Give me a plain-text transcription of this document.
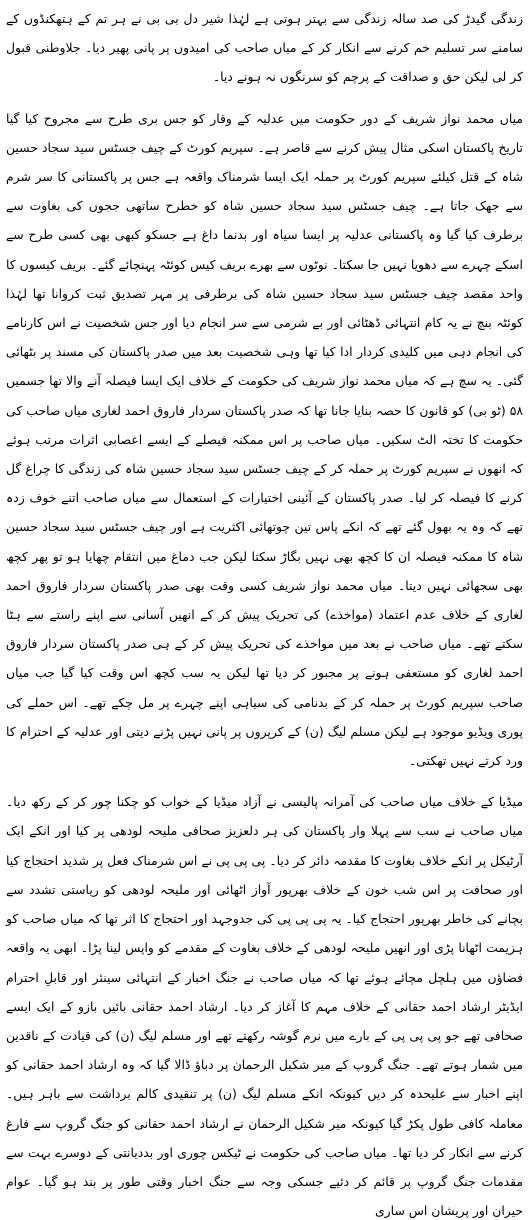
زندگی گیدڑ کی صد سالہ زندگی سے بہتر ہوتی ہے لہٰذا شیر دل بی بی نے ہر تم کے ہتھکنڈوں کے سامنے سر تسلیم خم کرنے سے انکار کر کے میاں صاحب کی امیدوں پر پانی پھیر دیا۔ جلاوطنی قبول کر لی لیکن حق و صداقت کے پرچم کو سرنگوں نہ ہونے دیا۔

میاں محمد نواز شریف کے دور حکومت میں عدلیہ کے وقار کو جس بری طرح سے مجروح کیا گیا تاریخ پاکستان اسکی مثال پیش کرنے سے قاصر ہے۔ سپریم کورٹ کے چیف جسٹس سید سجاد حسین شاہ کے قتل کیلئے سپریم کورٹ پر حملہ ایک ایسا شرمناک واقعہ ہے جس پر پاکستانی کا سر شرم سے جھک جاتا ہے۔ چیف جسٹس سید سجاد حسین شاہ کو خطرح ساتھی ججوں کی بغاوت سے برطرف کیا گیا وہ پاکستانی عدلیہ پر ایسا سیاہ اور بدنما داغ ہے جسکو کبھی بھی کسی طرح سے اسکے چہرے سے دھویا نہیں جا سکتا۔ نوٹوں سے بھرے بریف کیس کوئٹہ پہنچائے گئے۔ بریف کیسوں کا واحد مقصد چیف جسٹس سید سجاد حسین شاہ کی برطرفی پر مہر تصدیق ثبت کروانا تھا لہٰذا کوئٹہ بنچ نے یہ کام انتہائی ڈھٹائی اور بے شرمی سے سر انجام دیا اور جس شخصیت نے اس کارنامے کی انجام دہی میں کلیدی کردار ادا کیا تھا وہی شخصیت بعد میں صدر پاکستان کی مسند پر بٹھائی گئی۔ یہ سچ ہے کہ میاں محمد نواز شریف کی حکومت کے خلاف ایک ایسا فیصلہ آنے والا تھا جسمیں ۵۸ (ٹو بی) کو قانون کا حصہ بنایا جانا تھا کہ صدر پاکستان سردار فاروق احمد لغاری میاں صاحب کی حکومت کا تختہ الٹ سکیں۔ میاں صاحب پر اس ممکنہ فیصلے کے ایسے اعصابی اثرات مرتب ہوئے کہ انھوں نے سپریم کورٹ پر حملہ کر کے چیف جسٹس سید سجاد حسین شاہ کی زندگی کا چراغ گل کرنے کا فیصلہ کر لیا۔ صدر پاکستان کے آئینی اختیارات کے استعمال سے میاں صاحب اتنے خوف زدہ تھے کہ وہ یہ بھول گئے تھے کہ انکے پاس تین چوتھائی اکثریت ہے اور چیف جسٹس سید سجاد حسین شاہ کا ممکنہ فیصلہ ان کا کچھ بھی نہیں بگاڑ سکتا لیکن جب دماغ میں انتقام چھایا ہو تو پھر کچھ بھی سجھائی نہیں دیتا۔ میاں محمد نواز شریف کسی وقت بھی صدر پاکستان سردار فاروق احمد لغاری کے خلاف عدم اعتماد (مواخذے) کی تحریک پیش کر کے انھیں آسانی سے اپنے راستے سے ہٹا سکتے تھے۔ میاں صاحب نے بعد میں مواخذے کی تحریک پیش کر کے ہی صدر پاکستان سردار فاروق احمد لغاری کو مستعفی ہونے پر مجبور کر دیا تھا لیکن یہ سب کچھ اس وقت کیا گیا جب میاں صاحب سپریم کورٹ پر حملہ کر کے بدنامی کی سیاہی اپنے چہرے پر مل چکے تھے۔ اس حملے کی پوری ویڈیو موجود ہے لیکن مسلم لیگ (ن) کے کرپروں پر پانی نہیں پڑنے دیتی اور عدلیہ کے احترام کا ورد کرتے نہیں تھکتی۔

میڈیا کے خلاف میاں صاحب کی آمرانہ پالیسی نے آزاد میڈیا کے خواب کو چکنا چور کر کے رکھ دیا۔ میاں صاحب نے سب سے پہلا وار پاکستان کی ہر دلعزیز صحافی ملیحہ لودھی پر کیا اور انکے ایک آرٹیکل پر انکے خلاف بغاوت کا مقدمہ دائر کر دیا۔ پی پی پی نے اس شرمناک فعل پر شدید احتجاج کیا اور صحافت پر اس شب خون کے خلاف بھرپور آواز اٹھائی اور ملیحہ لودھی کو ریاستی تشدد سے بچانے کی خاطر بھرپور احتجاج کیا۔ یہ پی پی پی کی جدوجہد اور احتجاج کا اثر تھا کہ میاں صاحب کو ہزیمت اٹھانا پڑی اور انھیں ملیحہ لودھی کے خلاف بغاوت کے مقدمے کو واپس لینا پڑا۔ ابھی یہ واقعہ فضاؤں میں ہلچل مچائے ہوئے تھا کہ میاں صاحب نے جنگ اخبار کے انتہائی سینئر اور قابلِ احترام ایڈیٹر ارشاد احمد حقانی کے خلاف مہم کا آغاز کر دیا۔ ارشاد احمد حقانی بائیں بازو کے ایک ایسے صحافی تھے جو پی پی پی کے بارے میں نرم گوشہ رکھتے تھے اور مسلم لیگ (ن) کی قیادت کے ناقدین میں شمار ہوتے تھے۔ جنگ گروپ کے میر شکیل الرحمان پر دباؤ ڈالا گیا کہ وہ ارشاد احمد حقانی کو اپنے اخبار سے علیحدہ کر دیں کیونکہ انکے مسلم لیگ (ن) پر تنقیدی کالم برداشت سے باہر ہیں۔ معاملہ کافی طول پکڑ گیا کیونکہ میر شکیل الرحمان نے ارشاد احمد حقانی کو جنگ گروپ سے فارغ کرنے سے انکار کر دیا تھا۔ میاں صاحب کی حکومت نے ٹیکس چوری اور بددیانتی کے دوسرے بہت سے مقدمات جنگ گروپ پر قائم کر دئیے جسکی وجہ سے جنگ اخبار وقتی طور پر بند ہو گیا۔ عوام حیران اور پریشان اس ساری
